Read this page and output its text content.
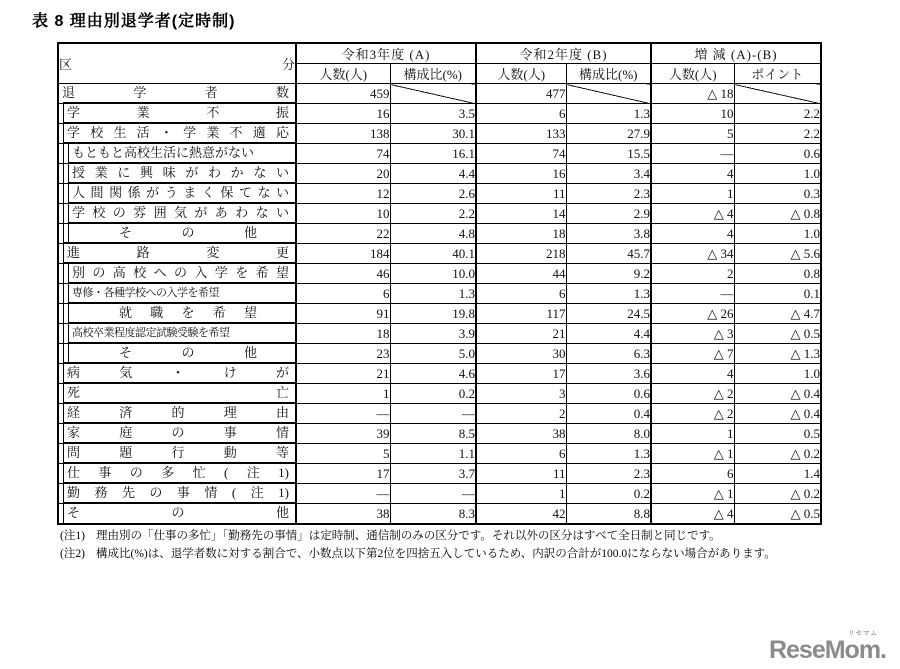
表 8 理由別退学者(定時制)
区分	令和3年度 (A)		令和2年度 (B)		増 減 (A)-(B)	
	人数(人)	構成比(%)	人数(人)	構成比(%)	人数(人)	ポイント

退学者数	459		477		△ 18	

学業不振	16	3.5	6	1.3	10	2.2

学校生活・学業不適応	138	30.1	133	27.9	5	2.2

もともと高校生活に熱意がない	74	16.1	74	15.5	—	0.6

授業に興味がわかない	20	4.4	16	3.4	4	1.0

人間関係がうまく保てない	12	2.6	11	2.3	1	0.3

学校の雰囲気があわない	10	2.2	14	2.9	△ 4	△ 0.8

その他	22	4.8	18	3.8	4	1.0

進路変更	184	40.1	218	45.7	△ 34	△ 5.6

別の高校への入学を希望	46	10.0	44	9.2	2	0.8

専修・各種学校への入学を希望	6	1.3	6	1.3	—	0.1

就職を希望	91	19.8	117	24.5	△ 26	△ 4.7

高校卒業程度認定試験受験を希望	18	3.9	21	4.4	△ 3	△ 0.5

その他	23	5.0	30	6.3	△ 7	△ 1.3

病気・けが	21	4.6	17	3.6	4	1.0

死亡	1	0.2	3	0.6	△ 2	△ 0.4

経済的理由	—	—	2	0.4	△ 2	△ 0.4

家庭の事情	39	8.5	38	8.0	1	0.5

問題行動等	5	1.1	6	1.3	△ 1	△ 0.2

仕事の多忙(注1)	17	3.7	11	2.3	6	1.4

勤務先の事情(注1)	—	—	1	0.2	△ 1	△ 0.2

その他	38	8.3	42	8.8	△ 4	△ 0.5
(注1) 理由別の「仕事の多忙」「勤務先の事情」は定時制、通信制のみの区分です。それ以外の区分はすべて全日制と同じです。
(注2) 構成比(%)は、退学者数に対する割合で、小数点以下第2位を四捨五入しているため、内訳の合計が100.0にならない場合があります。
リセマム
ReseMom.
